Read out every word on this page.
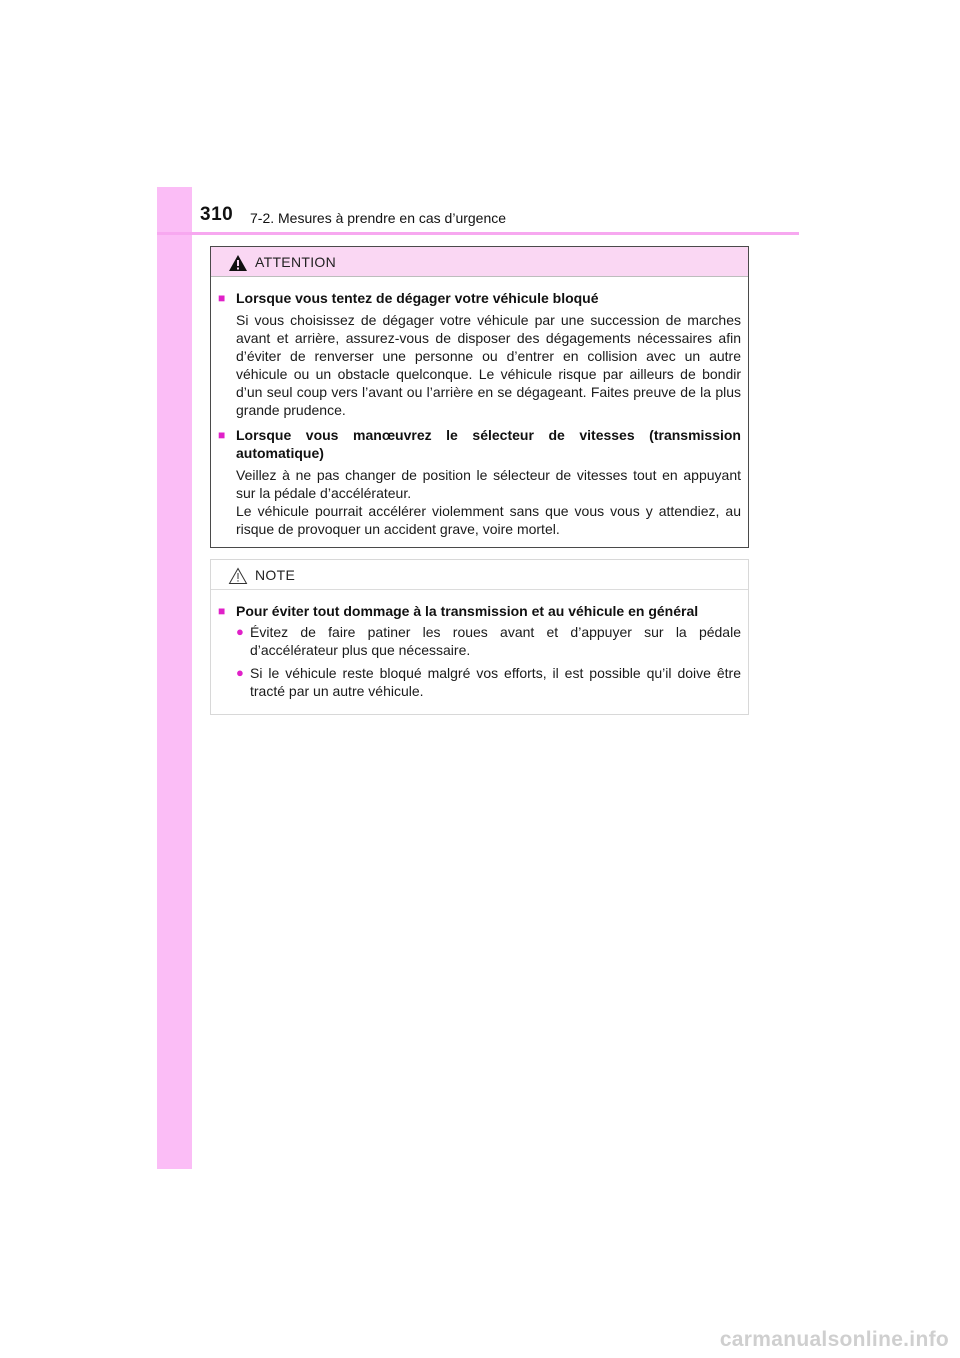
310 7-2. Mesures à prendre en cas d’urgence
ATTENTION
■ Lorsque vous tentez de dégager votre véhicule bloqué

Si vous choisissez de dégager votre véhicule par une succession de marches avant et arrière, assurez-vous de disposer des dégagements nécessaires afin d’éviter de renverser une personne ou d’entrer en collision avec un autre véhicule ou un obstacle quelconque. Le véhicule risque par ailleurs de bondir d’un seul coup vers l’avant ou l’arrière en se dégageant. Faites preuve de la plus grande prudence.

■ Lorsque vous manœuvrez le sélecteur de vitesses (transmission automatique)

Veillez à ne pas changer de position le sélecteur de vitesses tout en appuyant sur la pédale d’accélérateur.

Le véhicule pourrait accélérer violemment sans que vous vous y attendiez, au risque de provoquer un accident grave, voire mortel.

NOTE
■ Pour éviter tout dommage à la transmission et au véhicule en général
● Évitez de faire patiner les roues avant et d’appuyer sur la pédale d’accélérateur plus que nécessaire.
● Si le véhicule reste bloqué malgré vos efforts, il est possible qu’il doive être tracté par un autre véhicule.
carmanualsonline.info
